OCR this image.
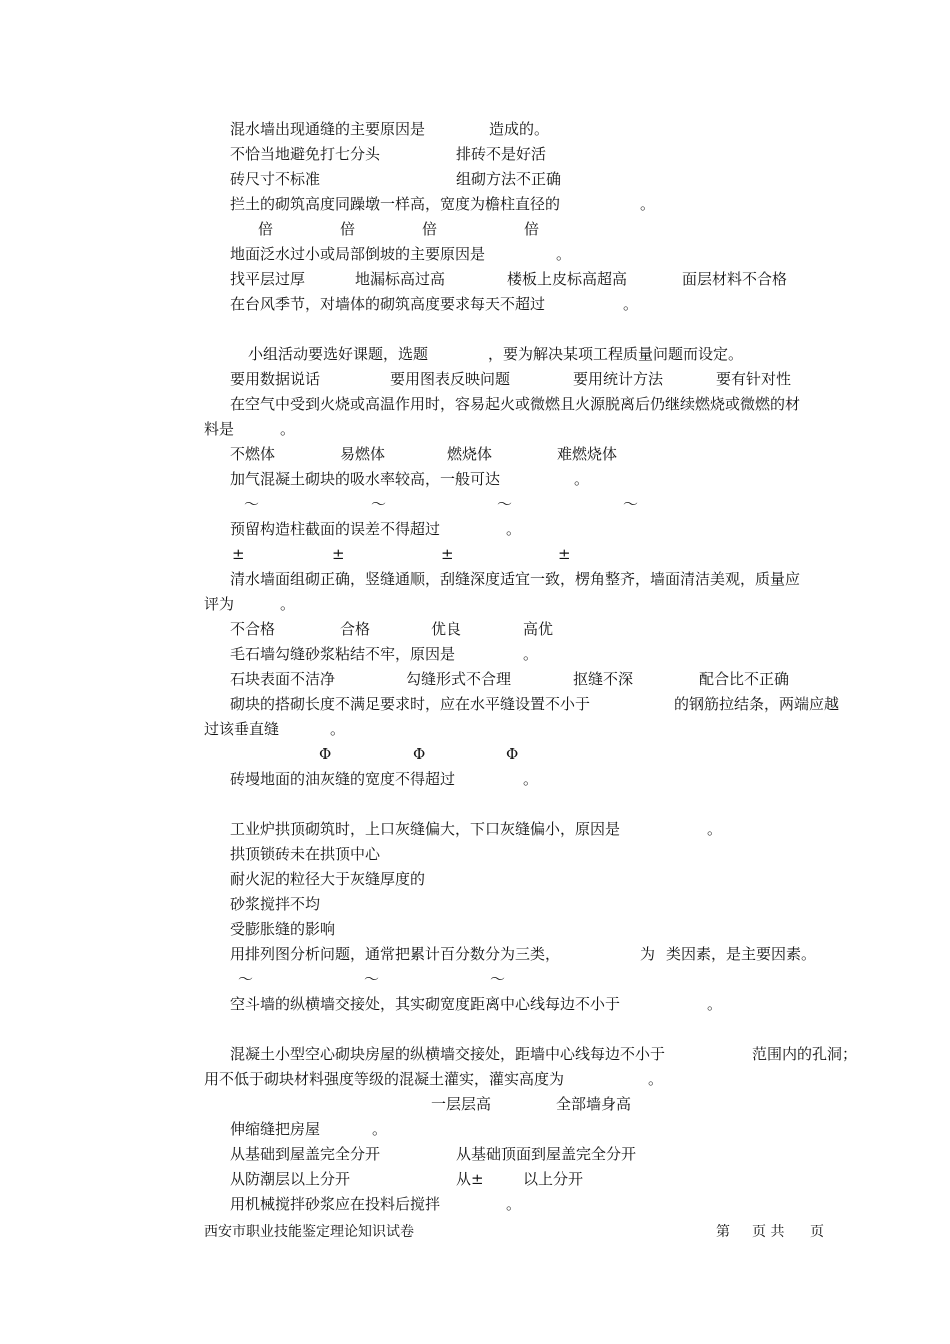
混水墙出现通缝的主要原因是	造成的。
不恰当地避免打七分头	排砖不是好活
砖尺寸不标准	组砌方法不正确
拦土的砌筑高度同躁墩一样高，宽度为檐柱直径的	。
倍	倍	倍	倍
地面泛水过小或局部倒坡的主要原因是	。
找平层过厚	地漏标高过高	楼板上皮标高超高	面层材料不合格
在台风季节，对墙体的砌筑高度要求每天不超过	。
小组活动要选好课题，选题	，要为解决某项工程质量问题而设定。
要用数据说话	要用图表反映问题	要用统计方法	要有针对性
在空气中受到火烧或高温作用时，容易起火或微燃且火源脱离后仍继续燃烧或微燃的材
料是	。
不燃体	易燃体	燃烧体	难燃烧体
加气混凝土砌块的吸水率较高，一般可达	。
～	～	～	～
预留构造柱截面的误差不得超过	。
±	±	±	±
清水墙面组砌正确，竖缝通顺，刮缝深度适宜一致，楞角整齐，墙面清洁美观，质量应
评为	。
不合格	合格	优良	高优
毛石墙勾缝砂浆粘结不牢，原因是	。
石块表面不洁净	勾缝形式不合理	抠缝不深	配合比不正确
砌块的搭砌长度不满足要求时，应在水平缝设置不小于	的钢筋拉结条，两端应越
过该垂直缝	。
Φ	Φ	Φ
砖墁地面的油灰缝的宽度不得超过	。
工业炉拱顶砌筑时，上口灰缝偏大，下口灰缝偏小，原因是	。
拱顶锁砖未在拱顶中心
耐火泥的粒径大于灰缝厚度的
砂浆搅拌不均
受膨胀缝的影响
用排列图分析问题，通常把累计百分数分为三类，	为 类因素，是主要因素。
～	～	～
空斗墙的纵横墙交接处，其实砌宽度距离中心线每边不小于	。
混凝土小型空心砌块房屋的纵横墙交接处，距墙中心线每边不小于	范围内的孔洞；
用不低于砌块材料强度等级的混凝土灌实，灌实高度为	。
一层层高	全部墙身高
伸缩缝把房屋	。
从基础到屋盖完全分开	从基础顶面到屋盖完全分开
从防潮层以上分开	从±	以上分开
用机械搅拌砂浆应在投料后搅拌	。
西安市职业技能鉴定理论知识试卷	第 页 共 页
